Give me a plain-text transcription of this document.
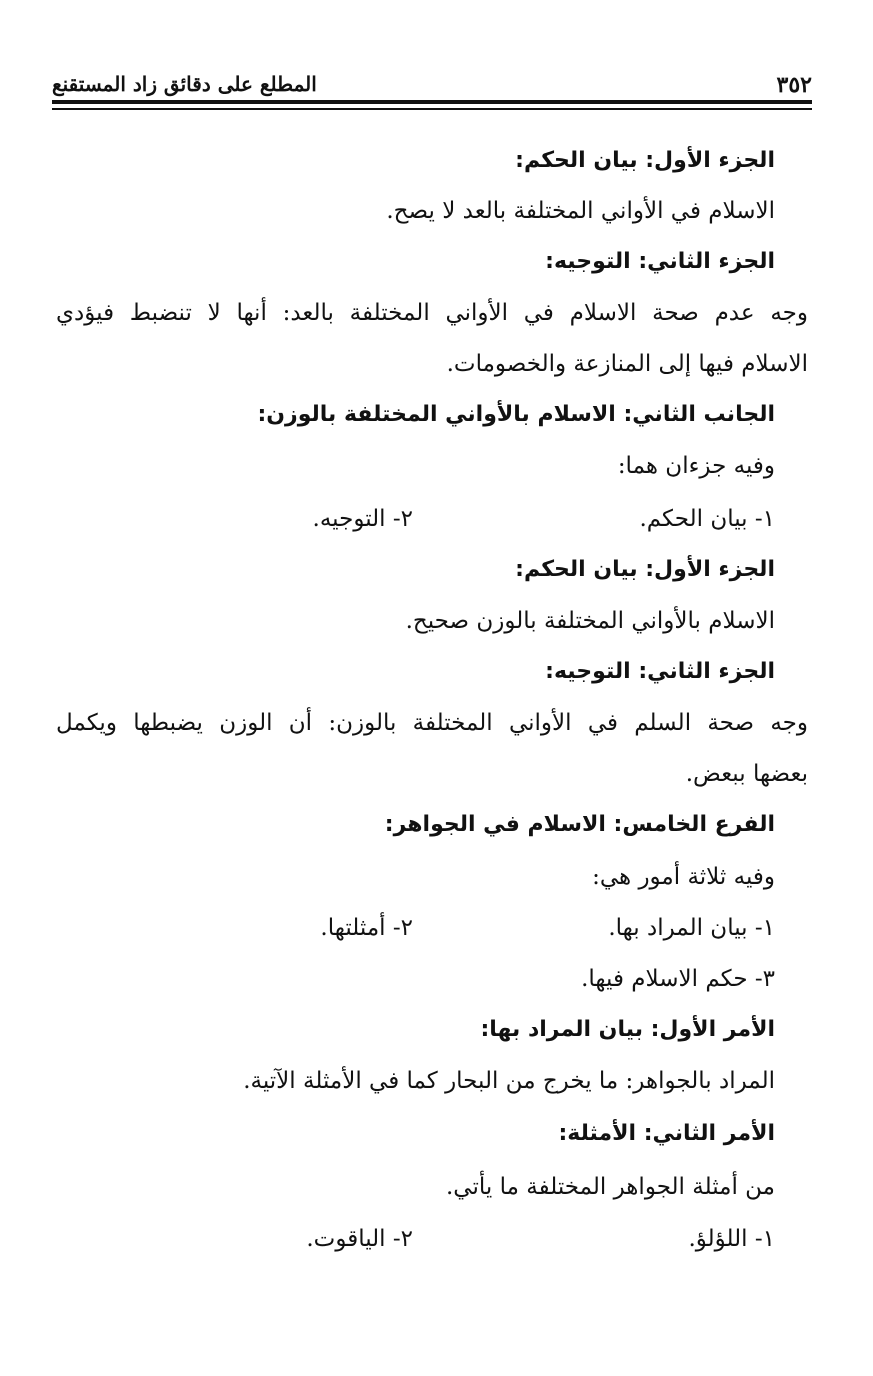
٣٥٢
المطلع على دقائق زاد المستقنع
الجزء الأول: بيان الحكم:
الاسلام في الأواني المختلفة بالعد لا يصح.
الجزء الثاني: التوجيه:
وجه عدم صحة الاسلام في الأواني المختلفة بالعد: أنها لا تنضبط فيؤدي
الاسلام فيها إلى المنازعة والخصومات.
الجانب الثاني: الاسلام بالأواني المختلفة بالوزن:
وفيه جزءان هما:
١- بيان الحكم.
٢- التوجيه.
الجزء الأول: بيان الحكم:
الاسلام بالأواني المختلفة بالوزن صحيح.
الجزء الثاني: التوجيه:
وجه صحة السلم في الأواني المختلفة بالوزن: أن الوزن يضبطها ويكمل
بعضها ببعض.
الفرع الخامس: الاسلام في الجواهر:
وفيه ثلاثة أمور هي:
١- بيان المراد بها.
٢- أمثلتها.
٣- حكم الاسلام فيها.
الأمر الأول: بيان المراد بها:
المراد بالجواهر: ما يخرج من البحار كما في الأمثلة الآتية.
الأمر الثاني: الأمثلة:
من أمثلة الجواهر المختلفة ما يأتي.
١- اللؤلؤ.
٢- الياقوت.
